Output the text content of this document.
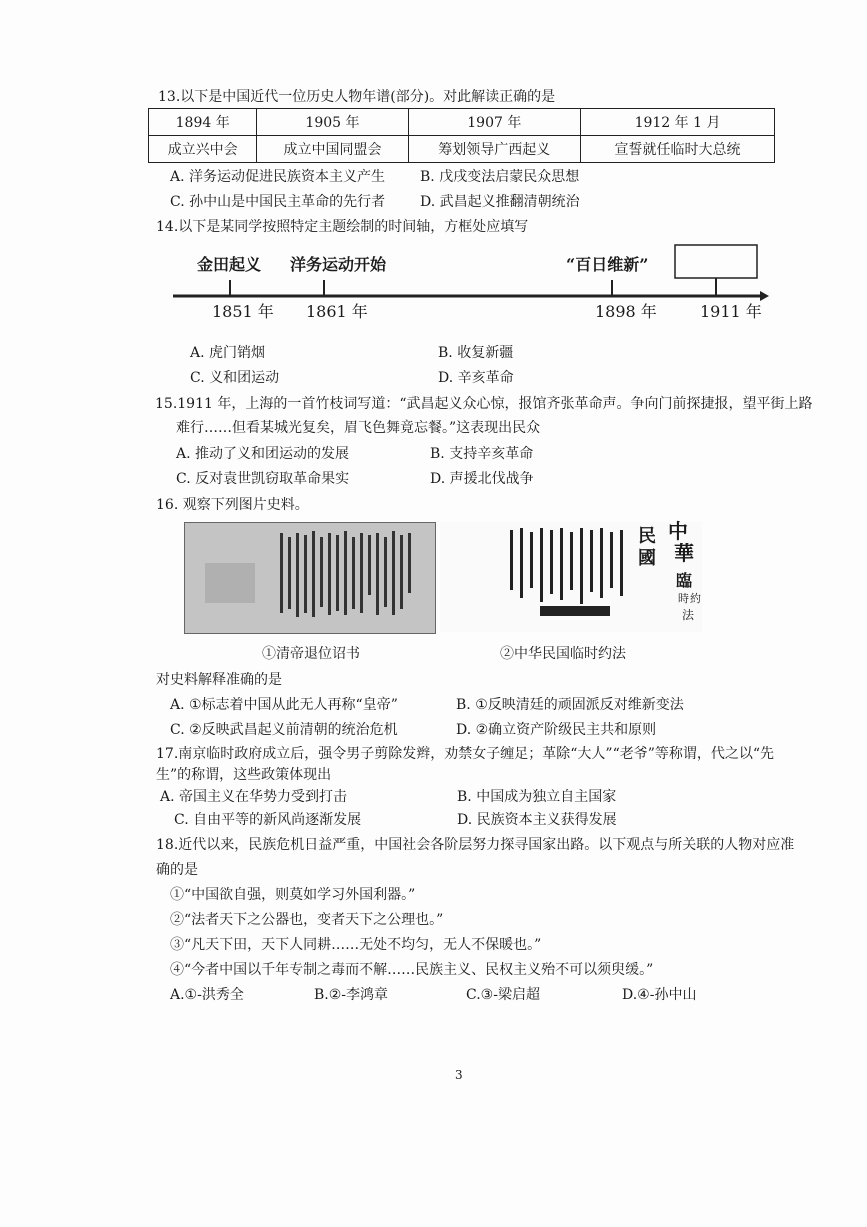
13.以下是中国近代一位历史人物年谱(部分)。对此解读正确的是
1894 年	1905 年	1907 年	1912 年 1 月
成立兴中会	成立中国同盟会	筹划领导广西起义	宣誓就任临时大总统
A. 洋务运动促进民族资本主义产生 B. 戊戌变法启蒙民众思想
C. 孙中山是中国民主革命的先行者 D. 武昌起义推翻清朝统治
14.以下是某同学按照特定主题绘制的时间轴，方框处应填写
金田起义 洋务运动开始	“百日维新”
1851 年 1861 年	1898 年	1911 年
A. 虎门销烟	B. 收复新疆
C. 义和团运动	D. 辛亥革命
15.1911 年，上海的一首竹枝词写道：“武昌起义众心惊，报馆齐张革命声。争向门前探捷报，望平街上路
难行……但看某城光复矣，眉飞色舞竟忘餐。”这表现出民众
A. 推动了义和团运动的发展	B. 支持辛亥革命
C. 反对袁世凯窃取革命果实	D. 声援北伐战争
16. 观察下列图片史料。
中
華
民
國
臨
時 約
法
①清帝退位诏书	②中华民国临时约法
对史料解释准确的是
A. ①标志着中国从此无人再称“皇帝”	B. ①反映清廷的顽固派反对维新变法
C. ②反映武昌起义前清朝的统治危机	D. ②确立资产阶级民主共和原则
17.南京临时政府成立后，强令男子剪除发辫，劝禁女子缠足；革除“大人”“老爷”等称谓，代之以“先
生”的称谓，这些政策体现出
A. 帝国主义在华势力受到打击	B. 中国成为独立自主国家
C. 自由平等的新风尚逐渐发展	D. 民族资本主义获得发展
18.近代以来，民族危机日益严重，中国社会各阶层努力探寻国家出路。以下观点与所关联的人物对应准
确的是
①“中国欲自强，则莫如学习外国利器。”
②“法者天下之公器也，变者天下之公理也。”
③“凡天下田，天下人同耕……无处不均匀，无人不保暖也。”
④“今者中国以千年专制之毒而不解……民族主义、民权主义殆不可以须臾缓。”
A.①-洪秀全	B.②-李鸿章	C.③-梁启超	D.④-孙中山
3
